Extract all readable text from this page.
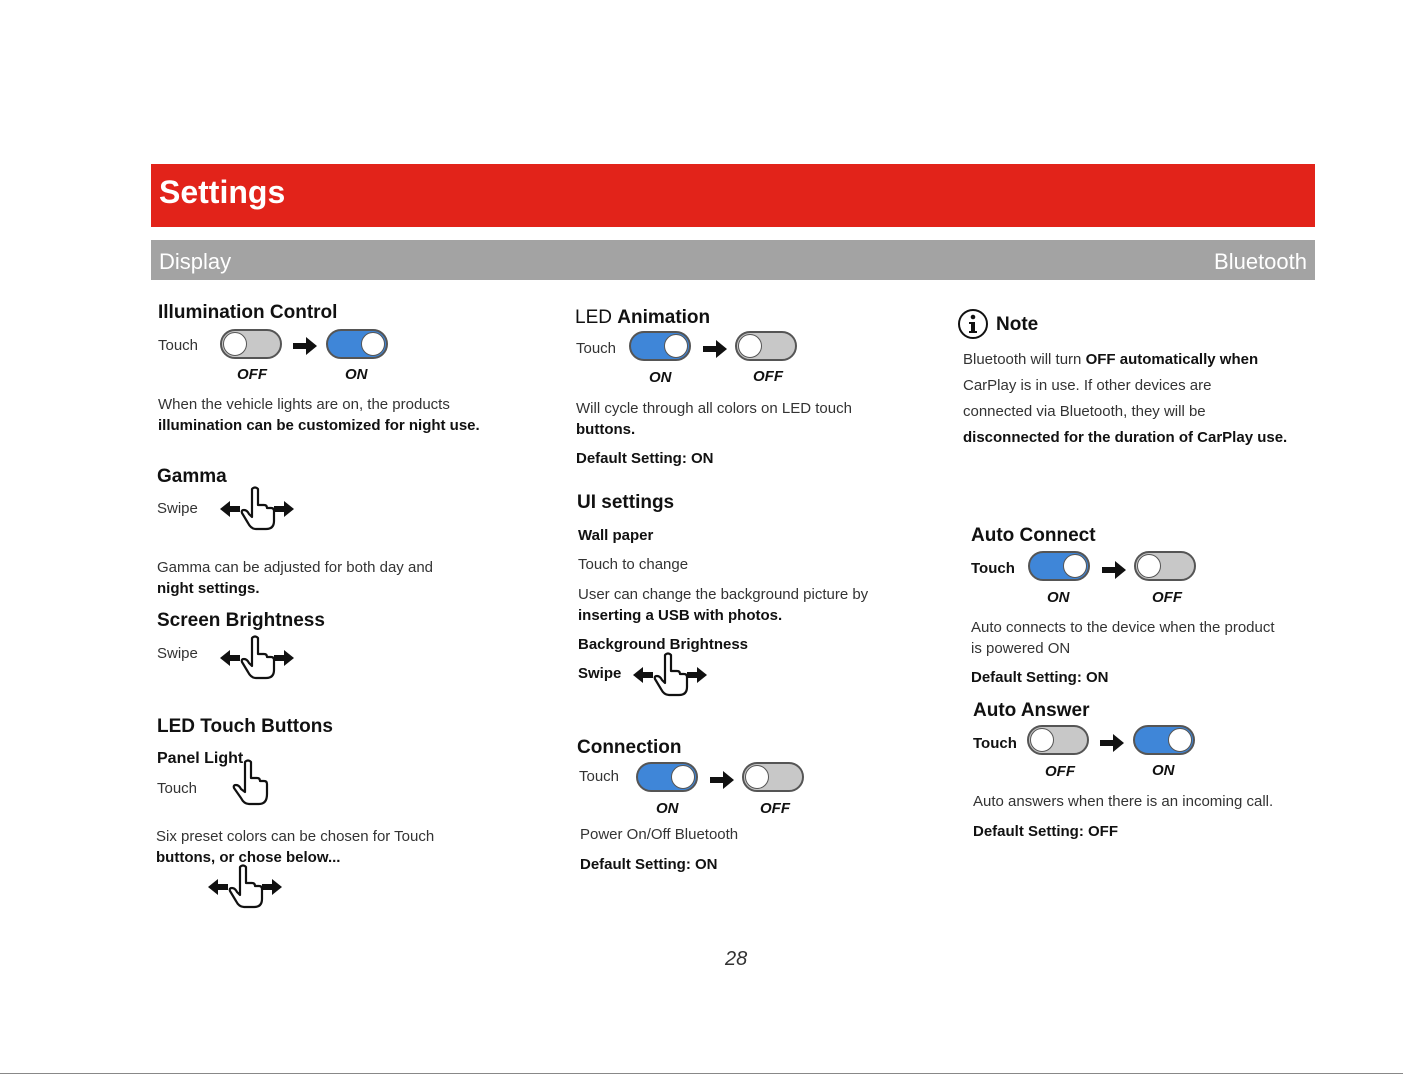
Settings
Display	Bluetooth
Illumination Control
Touch
OFF	ON
When the vehicle lights are on, the products
illumination can be customized for night use.
Gamma
Swipe
Gamma can be adjusted for both day and
night settings.
Screen Brightness
Swipe
LED Touch Buttons
Panel Light
Touch
Six preset colors can be chosen for Touch
buttons, or chose below...
LED Animation
Touch
ON	OFF
Will cycle through all colors on LED touch
buttons.
Default Setting: ON
UI settings
Wall paper
Touch to change
User can change the background picture by
inserting a USB with photos.
Background Brightness
Swipe
Connection
Touch
ON	OFF
Power On/Off Bluetooth
Default Setting: ON
Note
Bluetooth will turn OFF automatically when
CarPlay is in use. If other devices are
connected via Bluetooth, they will be
disconnected for the duration of CarPlay use.
Auto Connect
Touch
ON	OFF
Auto connects to the device when the product
is powered ON
Default Setting: ON
Auto Answer
Touch
OFF	ON
Auto answers when there is an incoming call.
Default Setting: OFF
28
